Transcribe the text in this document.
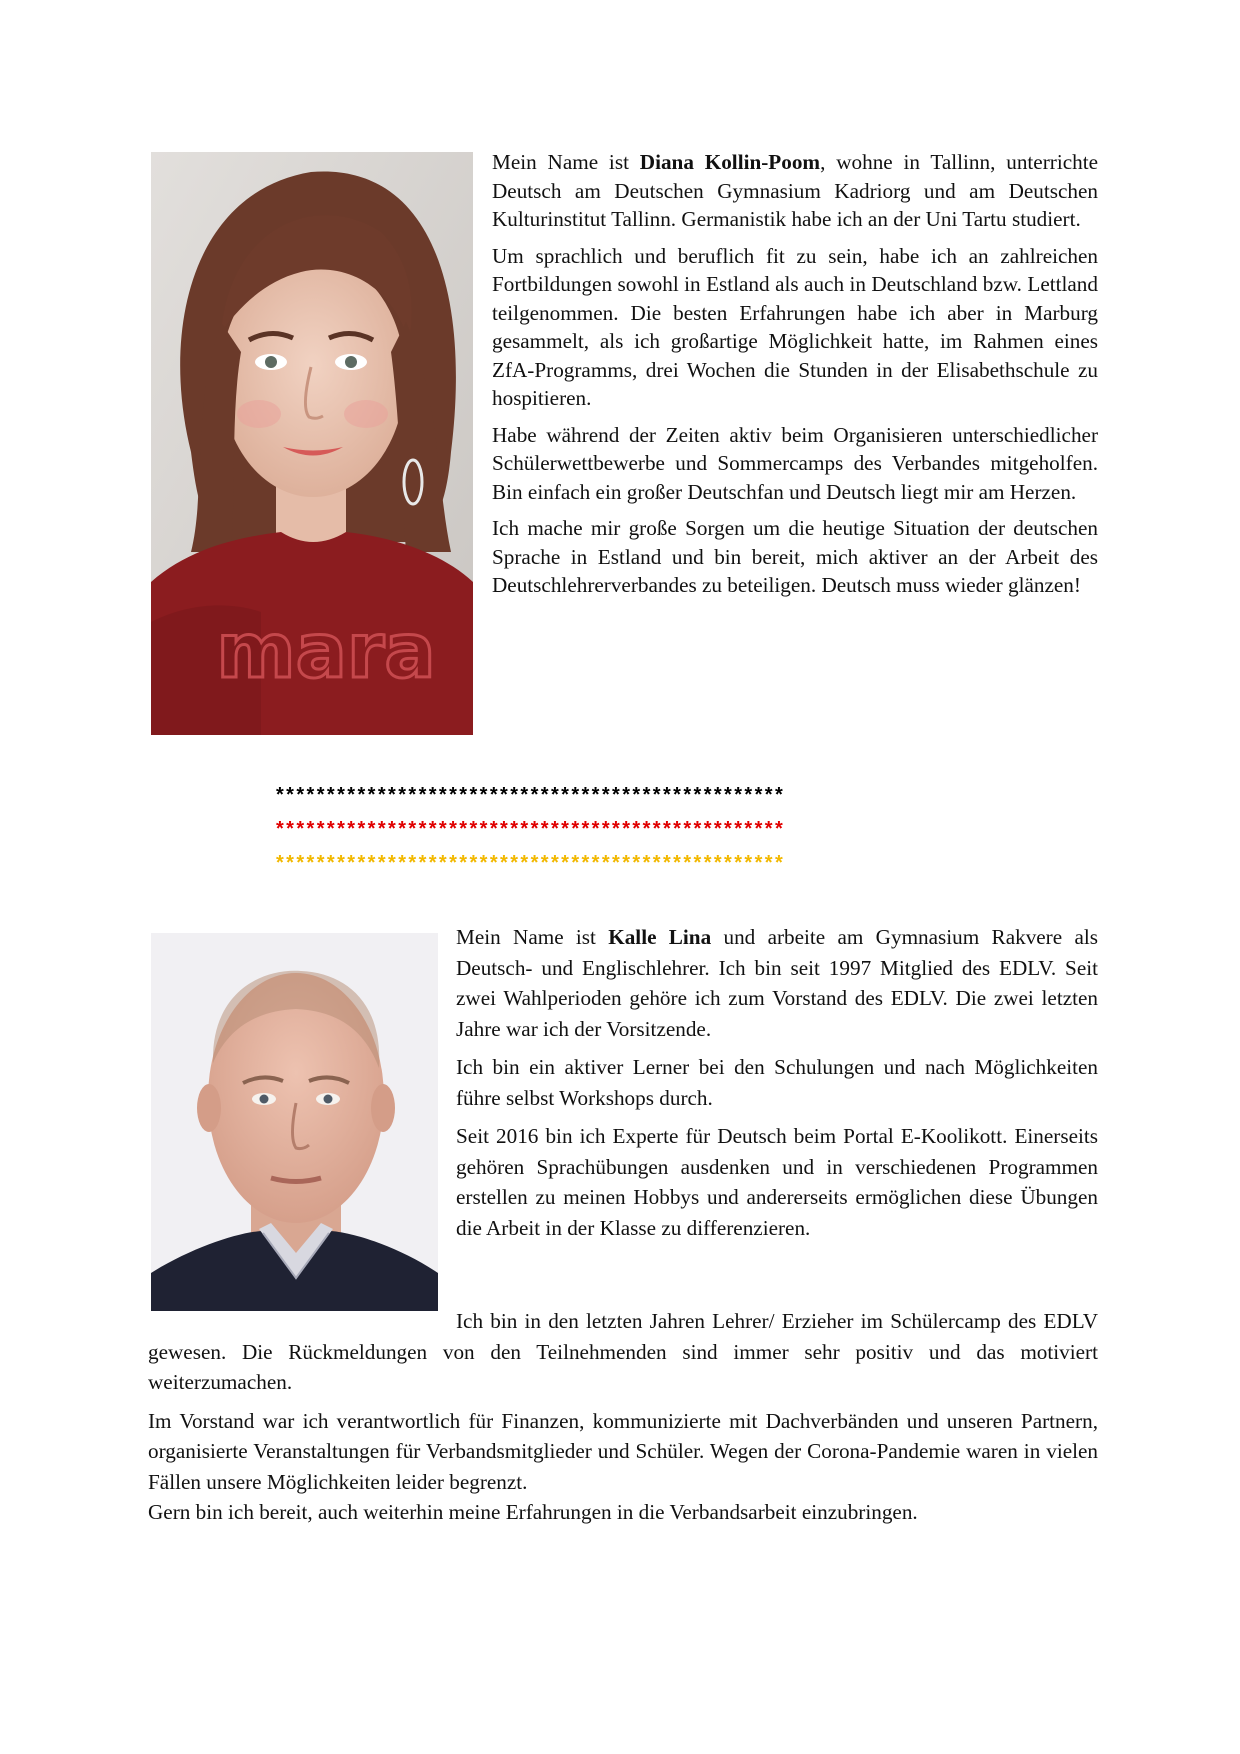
mara

Mein Name ist Diana Kollin-Poom, wohne in Tallinn, unterrichte Deutsch am Deutschen Gymnasium Kadriorg und am Deutschen Kulturinstitut Tallinn. Germanistik habe ich an der Uni Tartu studiert.

Um sprachlich und beruflich fit zu sein, habe ich an zahlreichen Fortbildungen sowohl in Estland als auch in Deutschland bzw. Lettland teilgenommen. Die besten Erfahrungen habe ich aber in Marburg gesammelt, als ich großartige Möglichkeit hatte, im Rahmen eines ZfA-Programms, drei Wochen die Stunden in der Elisabethschule zu hospitieren.

Habe während der Zeiten aktiv beim Organisieren unterschiedlicher Schülerwettbewerbe und Sommercamps des Verbandes mitgeholfen. Bin einfach ein großer Deutschfan und Deutsch liegt mir am Herzen.

Ich mache mir große Sorgen um die heutige Situation der deutschen Sprache in Estland und bin bereit, mich aktiver an der Arbeit des Deutschlehrerverbandes zu beteiligen. Deutsch muss wieder glänzen!

**************************************************
**************************************************
**************************************************

Mein Name ist Kalle Lina und arbeite am Gymnasium Rakvere als Deutsch- und Englischlehrer. Ich bin seit 1997 Mitglied des EDLV. Seit zwei Wahlperioden gehöre ich zum Vorstand des EDLV. Die zwei letzten Jahre war ich der Vorsitzende.

Ich bin ein aktiver Lerner bei den Schulungen und nach Möglichkeiten führe selbst Workshops durch.

Seit 2016 bin ich Experte für Deutsch beim Portal E-Koolikott. Einerseits gehören Sprachübungen ausdenken und in verschiedenen Programmen erstellen zu meinen Hobbys und andererseits ermöglichen diese Übungen die Arbeit in der Klasse zu differenzieren.

Ich bin in den letzten Jahren Lehrer/ Erzieher im Schülercamp des EDLV gewesen. Die Rückmeldungen von den Teilnehmenden sind immer sehr positiv und das motiviert weiterzumachen.

Im Vorstand war ich verantwortlich für Finanzen, kommunizierte mit Dachverbänden und unseren Partnern, organisierte Veranstaltungen für Verbandsmitglieder und Schüler. Wegen der Corona-Pandemie waren in vielen Fällen unsere Möglichkeiten leider begrenzt.

Gern bin ich bereit, auch weiterhin meine Erfahrungen in die Verbandsarbeit einzubringen.
